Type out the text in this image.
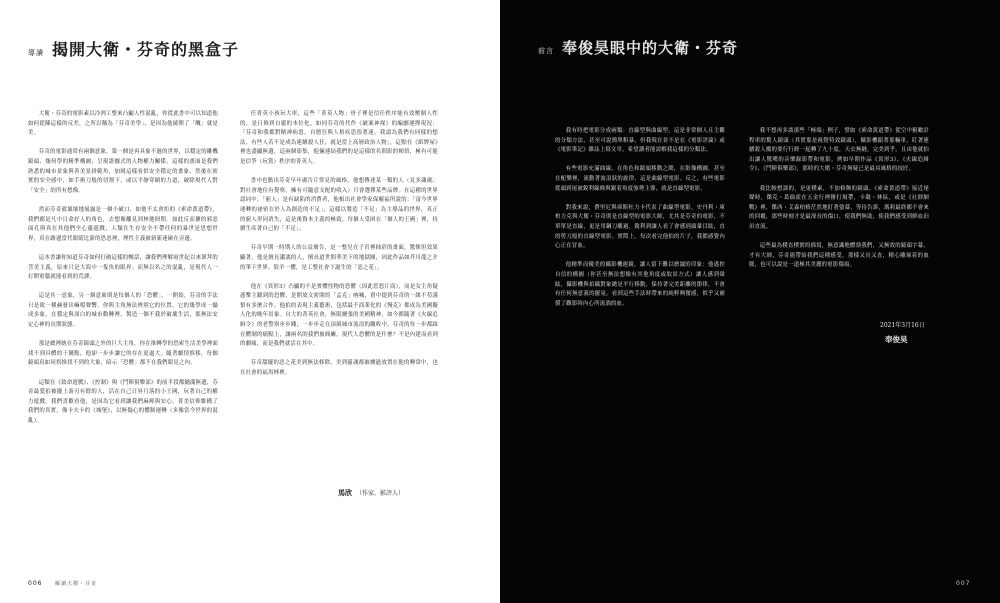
導讀 揭開大衛・芬奇的黑盒子

大衛・芬奇的電影素以冷冽工整來凸顯人性混亂，你從此書中可以知道他如何從陳這樣的反差，之所以稱為「芬奇美學」，是因為他繞開了「醜」就是美。

芬奇的電影通常有兩個意象，第一個是再具象不過的世界，以穩定的雕機鏡頭、幾何學的精準構圖，呈現證據式的人物權力關係。這樣的畫面是我們熟悉的城市景象與善美景拼範角，加岡這樣看似安全穩定的畫象，然後在密實的安全感中，如手術刀般的切割下，或以平靜穿網的力道，破除現代人對「安全」的所有想像。

然而芬奇就壞壞地展露是一個小破口，如他不太會拒的《索命黃道帶》，我們都是凡中日命好人的角色，去想像離見到林地冊期．如此反而擴的邪惡面孔與真在其他們全心靈遊戲，人類在生存安全不帶任何的暴世是思想世界，真在路邊當代眼睛比新的恐惡裡，理性主義被新新迷碰在旁邊。

這本書讓你知道芬奇如何打破這樣的幌話，讓我們理解雨世紀以來眾拜的菩美主義，原來只是大海中一隻魚的眼界；而無以名之的混亂，是現代人一打開電腦就能看到的荒謬。

這是其一意象，另一個意象則是每個人的「恐懼」，一開始，芬奇的手法只是致一種赫發出嘛噹聲響，你與主角無法辨別它的位置，它的幾學成一撮成多象，在穩定與深白的城市動轉裡，製造一個不我於破壞生活，那無法安定心神的長期狀態。

那是總裡統在芬奇鏡頭之外的巨大主角，你在推轉學的恐索生活美學裡面找不到具體的干擾點，他卻一步步讓它的存在更逼大。隨著劇情推移，每個鏡頭真如同拐推找不到的大象，暗示「恐懼」都不在我們眼見之內。

這類在《致命遊戲》、《控制》與《鬥陣俱樂部》的前半段都鋪滿無遺，芬奇最愛拍被擺上游刃有餘的人，活在自己日昇月落的小王國，玩著自己的權力遊戲。我們喜歡看他，是因為它看到讓我們麻痺與安心，菁美信仰維構了我們的真實，像卡夫卡的《城堡》，以無傷心的體制運轉（多像當今世界的混亂）。

任菁英小孩玩大車，這些「菁英人物」骨子裡是信任秩序能有效壓制人性的，是日修到自靈的本位化，如同芬奇的代作《破案神探》的編劇運擇現況：「芬奇和我都對精神病患、自戀狂與人格疾患很著迷，我認為我們有同樣的想法，有些人若不是成為連續殺人狂，就是當上高層政治人物」，這點在《紙牌屋》裡也盡顯無遺，這兩個影集，他倆連結我們的是這樣的名間影的頓悟，極有可能是信爭（玩賞）秩序的菁英人。

書中也點出芬奇早年廣告片常見的風格，他想傳達某一類的人（見多識廣、對社會地位有覺察，擁有可隨意支配的收入）只會選擇某些品牌。在這種的世界認同中，「窮人」是有缺陷的消費者，他根出社會學家保羅福所說的：「富今世界運轉的祕密在於人為創造的不足」，這樣以製造「不足」為主導品的世界，真正的窮人形同消失，這是後資本主義的極致，每個人受困在「個人的王國」裡，持續生產著自己的「不足」。

芬奇早期一時期人的公益廣告，是一整兒在子宮裡抽菸的畫面，驚悚但效果顯著，他是擅長瀟漓的人，擅長道世間華美下的地獄圖，因此作品如芥川龍之介的筆下世界，狼羊一體，是工整社會下誕生的「惡之花」。

他在《異形3》凸顯的不是實體怪物的恐懼（因此惹怒片商），而是女主角疑惑擊主聽到的恐懼，是開放文密閉的「孟克」吶喊，賣中提到芬奇的一絲不苟謹慎有多麼合作，他拍的表現主義藝術，包括最不商業化的《慢克》都成為美國擬人化的晚年景象。自大的菁英社會，無限擴張的美國精神，如今都隨著《火線追緝令》的老警察步步踐，一步步走在頂級城市流浪的繳收中，芬奇的每一步都踩在體制的痛點上，讓兩名的我們被痛癱，現代人恐懼的是什麼？不是內建而看到的劇痛，而是我們就活在其中。

芬奇甜擺的惡之花美到無法移除，美到靈魂都被擄過放置在他的轉常中，也在社會的福馬林裡。

馬欣 （作家，影評人）
006	解讀大衛・芬奇
前言 奉俊昊眼中的大衛・芬奇

我有時把電影分成兩類：直線型與曲線型。這是非常個人且主觀的分類方法，甚至可說簡單粗暴，但我現在並不是在《電影評論》或《電影筆記》雜誌上寫文章，希望讀者能諒解我這樣的分類法。

有些電影充滿曲線，在角色和鏡頭移動之間，在影像構圖，甚至在配樂裡，流動著波浪狀的旋律，這是曲線型電影。反之，有些電影從頭到尾被銳利線條與鋸着角度強勢主導，就是直線型電影。

對我來說，費里尼與庫斯杜力卡代表了曲線型電影，史丹利・庫柏力克與大衛・芬奇則是直線型的電影大師，尤其是芬奇的電影，不單單是直線，更是用鋼刀雕過，銳利到讓人看了會感到頭暈目眩，直的剪刀般的直線型電影。實際上，每次看完他拍的片子，我都感覺內心正在冒血。

他精準而優美的攝影機運鏡，讓人留下難以磨滅的印象：他遙控自信的構圖（你甚至無法想像有其他角度或取景方式）讓人感到暈眩，攝影機與拍攝對象總是平行移動，保持著完美距離的節律，不會有任何無意義的擺晃。看到這些手法時帶來的純粹興奮感，似乎又補償了觀影時內心所流淌的血。

我不想再多談那些「極端」例子，譬如《索命黃道帶》從空中俯瞰計程車的驚人鏡頭（其實那是視覺特效鏡頭），攝影機跟著那輛車，盯著連續殺人魔的要行行經一起轉了九十度，天衣無縫，完美到乎。且由他就拍出讓人驚嘆的音樂錄影帶和電影，例如早期作品《異形3》、《火線追緝令》、《鬥陣俱樂部》，那時的大衛・芬奇無疑已是最具風格的技匠。

我比較想談的，是更樸素，不加修飾的鏡頭。《索命黃道帶》接近尾聲時，傑克・葛倫霍在五金行裡撥打規帶，卡凝・林區，或是《社群網戰》裡，傑西・艾森柏格茫然地盯著螢幕，等待告訴，瑪莉最終都不會來的回覆，那些時刻才是最深長的傷口，使我們無助，使我們感受到鮮血汩汩直流。

這些最為樸直樸實的描寫，無意識地體勁我們，又無效的鏡頭字幕，才有大師，芬奇能帶給我們這種感受，那樣又長又直，精心雕琢着的血脈，也可以說是一道極其美麗的電影傷痕。

2021年3月16日
奉俊昊
007
